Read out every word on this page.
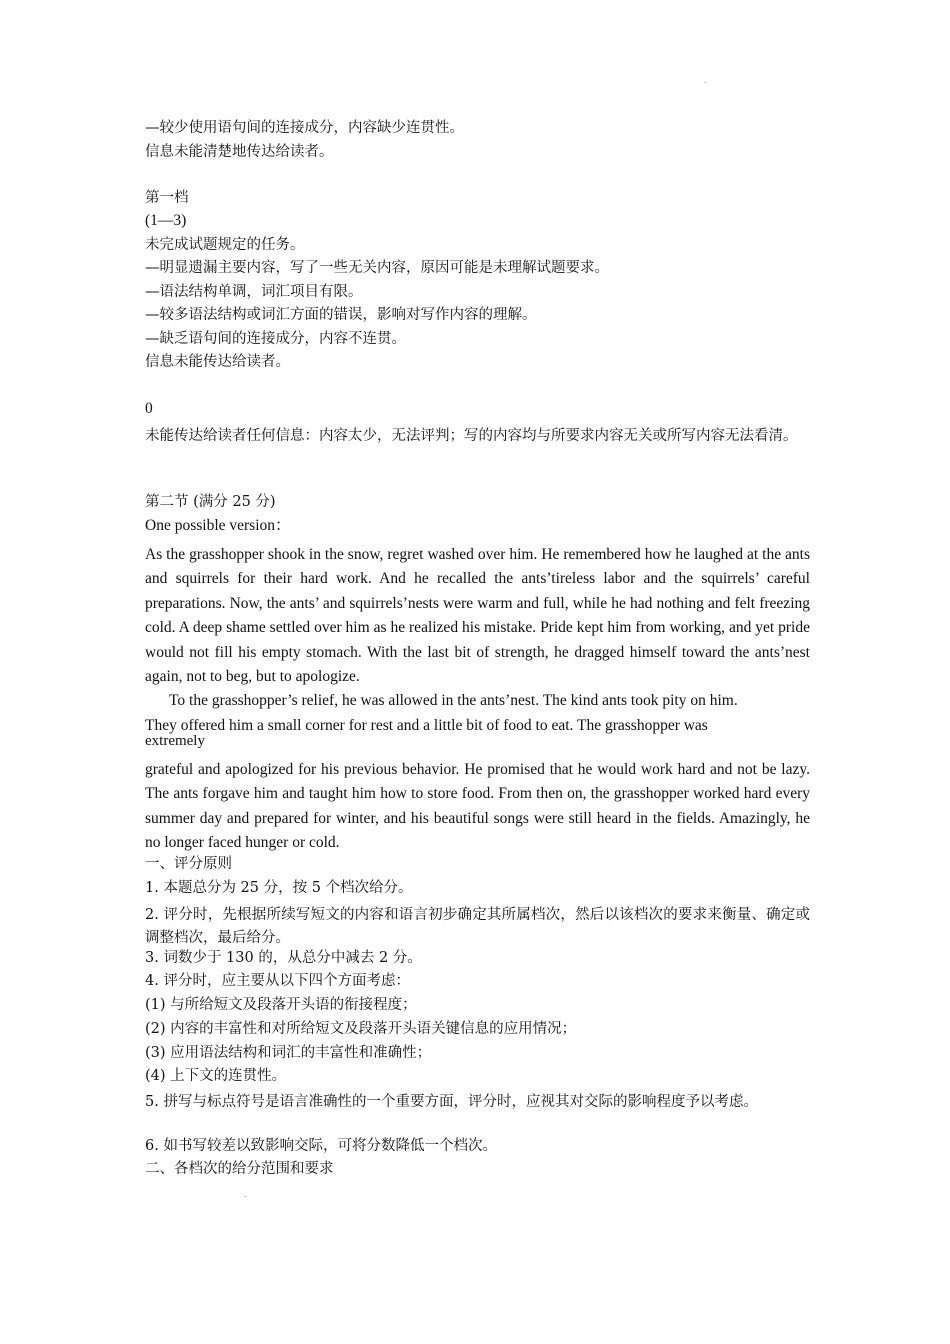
—较少使用语句间的连接成分，内容缺少连贯性。
信息未能清楚地传达给读者。
第一档
(1—3)
未完成试题规定的任务。
—明显遗漏主要内容，写了一些无关内容，原因可能是未理解试题要求。
—语法结构单调，词汇项目有限。
—较多语法结构或词汇方面的错误，影响对写作内容的理解。
—缺乏语句间的连接成分，内容不连贯。
信息未能传达给读者。
0

未能传达给读者任何信息：内容太少，无法评判；写的内容均与所要求内容无关或所写内容无法看清。

第二节 (满分 25 分)
One possible version：

As the grasshopper shook in the snow, regret washed over him. He remembered how he laughed at the ants and squirrels for their hard work. And he recalled the ants’tireless labor and the squirrels’ careful preparations. Now, the ants’ and squirrels’nests were warm and full, while he had nothing and felt freezing cold. A deep shame settled over him as he realized his mistake. Pride kept him from working, and yet pride would not fill his empty stomach. With the last bit of strength, he dragged himself toward the ants’nest again, not to beg, but to apologize.

To the grasshopper’s relief, he was allowed in the ants’nest. The kind ants took pity on him.
They offered him a small corner for rest and a little bit of food to eat. The grasshopper was
extremely

grateful and apologized for his previous behavior. He promised that he would work hard and not be lazy. The ants forgave him and taught him how to store food. From then on, the grasshopper worked hard every summer day and prepared for winter, and his beautiful songs were still heard in the fields. Amazingly, he no longer faced hunger or cold.

一、评分原则
1. 本题总分为 25 分，按 5 个档次给分。

2. 评分时，先根据所续写短文的内容和语言初步确定其所属档次，然后以该档次的要求来衡量、确定或调整档次，最后给分。

3. 词数少于 130 的，从总分中减去 2 分。
4. 评分时，应主要从以下四个方面考虑：
(1) 与所给短文及段落开头语的衔接程度；
(2) 内容的丰富性和对所给短文及段落开头语关键信息的应用情况；
(3) 应用语法结构和词汇的丰富性和准确性；
(4) 上下文的连贯性。

5. 拼写与标点符号是语言准确性的一个重要方面，评分时，应视其对交际的影响程度予以考虑。

6. 如书写较差以致影响交际，可将分数降低一个档次。
二、各档次的给分范围和要求
